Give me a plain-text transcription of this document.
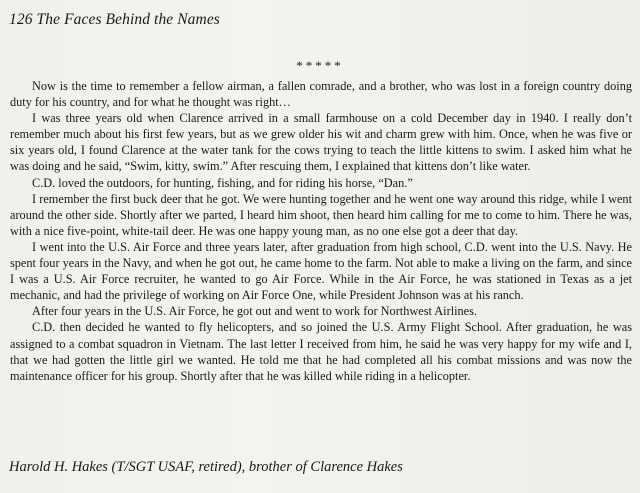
126 The Faces Behind the Names
*****

Now is the time to remember a fellow airman, a fallen comrade, and a brother, who was lost in a foreign country doing duty for his country, and for what he thought was right…

I was three years old when Clarence arrived in a small farmhouse on a cold December day in 1940. I really don’t remember much about his first few years, but as we grew older his wit and charm grew with him. Once, when he was five or six years old, I found Clarence at the water tank for the cows trying to teach the little kittens to swim. I asked him what he was doing and he said, “Swim, kitty, swim.” After rescuing them, I explained that kittens don’t like water.

C.D. loved the outdoors, for hunting, fishing, and for riding his horse, “Dan.”

I remember the first buck deer that he got. We were hunting together and he went one way around this ridge, while I went around the other side. Shortly after we parted, I heard him shoot, then heard him calling for me to come to him. There he was, with a nice five-point, white-tail deer. He was one happy young man, as no one else got a deer that day.

I went into the U.S. Air Force and three years later, after graduation from high school, C.D. went into the U.S. Navy. He spent four years in the Navy, and when he got out, he came home to the farm. Not able to make a living on the farm, and since I was a U.S. Air Force recruiter, he wanted to go Air Force. While in the Air Force, he was stationed in Texas as a jet mechanic, and had the privilege of working on Air Force One, while President Johnson was at his ranch.

After four years in the U.S. Air Force, he got out and went to work for Northwest Airlines.

C.D. then decided he wanted to fly helicopters, and so joined the U.S. Army Flight School. After graduation, he was assigned to a combat squadron in Vietnam. The last letter I received from him, he said he was very happy for my wife and I, that we had gotten the little girl we wanted. He told me that he had completed all his combat missions and was now the maintenance officer for his group. Shortly after that he was killed while riding in a helicopter.

Harold H. Hakes (T/SGT USAF, retired), brother of Clarence Hakes
